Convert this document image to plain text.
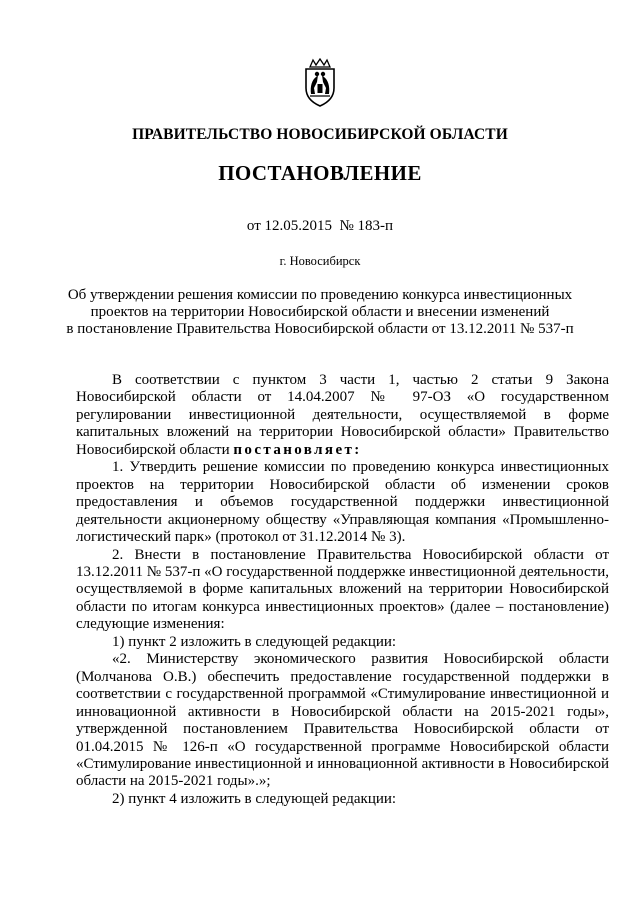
ПРАВИТЕЛЬСТВО НОВОСИБИРСКОЙ ОБЛАСТИ
ПОСТАНОВЛЕНИЕ
от 12.05.2015  № 183-п
г. Новосибирск
Об утверждении решения комиссии по проведению конкурса инвестиционных
проектов на территории Новосибирской области и внесении изменений
в постановление Правительства Новосибирской области от 13.12.2011 № 537-п

В соответствии с пунктом 3 части 1, частью 2 статьи 9 Закона Новосибирской области от 14.04.2007 № 97-ОЗ «О государственном регулировании инвестиционной деятельности, осуществляемой в форме капитальных вложений на территории Новосибирской области» Правительство Новосибирской области постановляет:

1. Утвердить решение комиссии по проведению конкурса инвестиционных проектов на территории Новосибирской области об изменении сроков предоставления и объемов государственной поддержки инвестиционной деятельности акционерному обществу «Управляющая компания «Промышленно-логистический парк» (протокол от 31.12.2014 № 3).

2. Внести в постановление Правительства Новосибирской области от 13.12.2011 № 537-п «О государственной поддержке инвестиционной деятельности, осуществляемой в форме капитальных вложений на территории Новосибирской области по итогам конкурса инвестиционных проектов» (далее – постановление) следующие изменения:

1) пункт 2 изложить в следующей редакции:

«2. Министерству экономического развития Новосибирской области (Молчанова О.В.) обеспечить предоставление государственной поддержки в соответствии с государственной программой «Стимулирование инвестиционной и инновационной активности в Новосибирской области на 2015-2021 годы», утвержденной постановлением Правительства Новосибирской области от 01.04.2015 № 126-п «О государственной программе Новосибирской области «Стимулирование инвестиционной и инновационной активности в Новосибирской области на 2015-2021 годы».»;

2) пункт 4 изложить в следующей редакции:
